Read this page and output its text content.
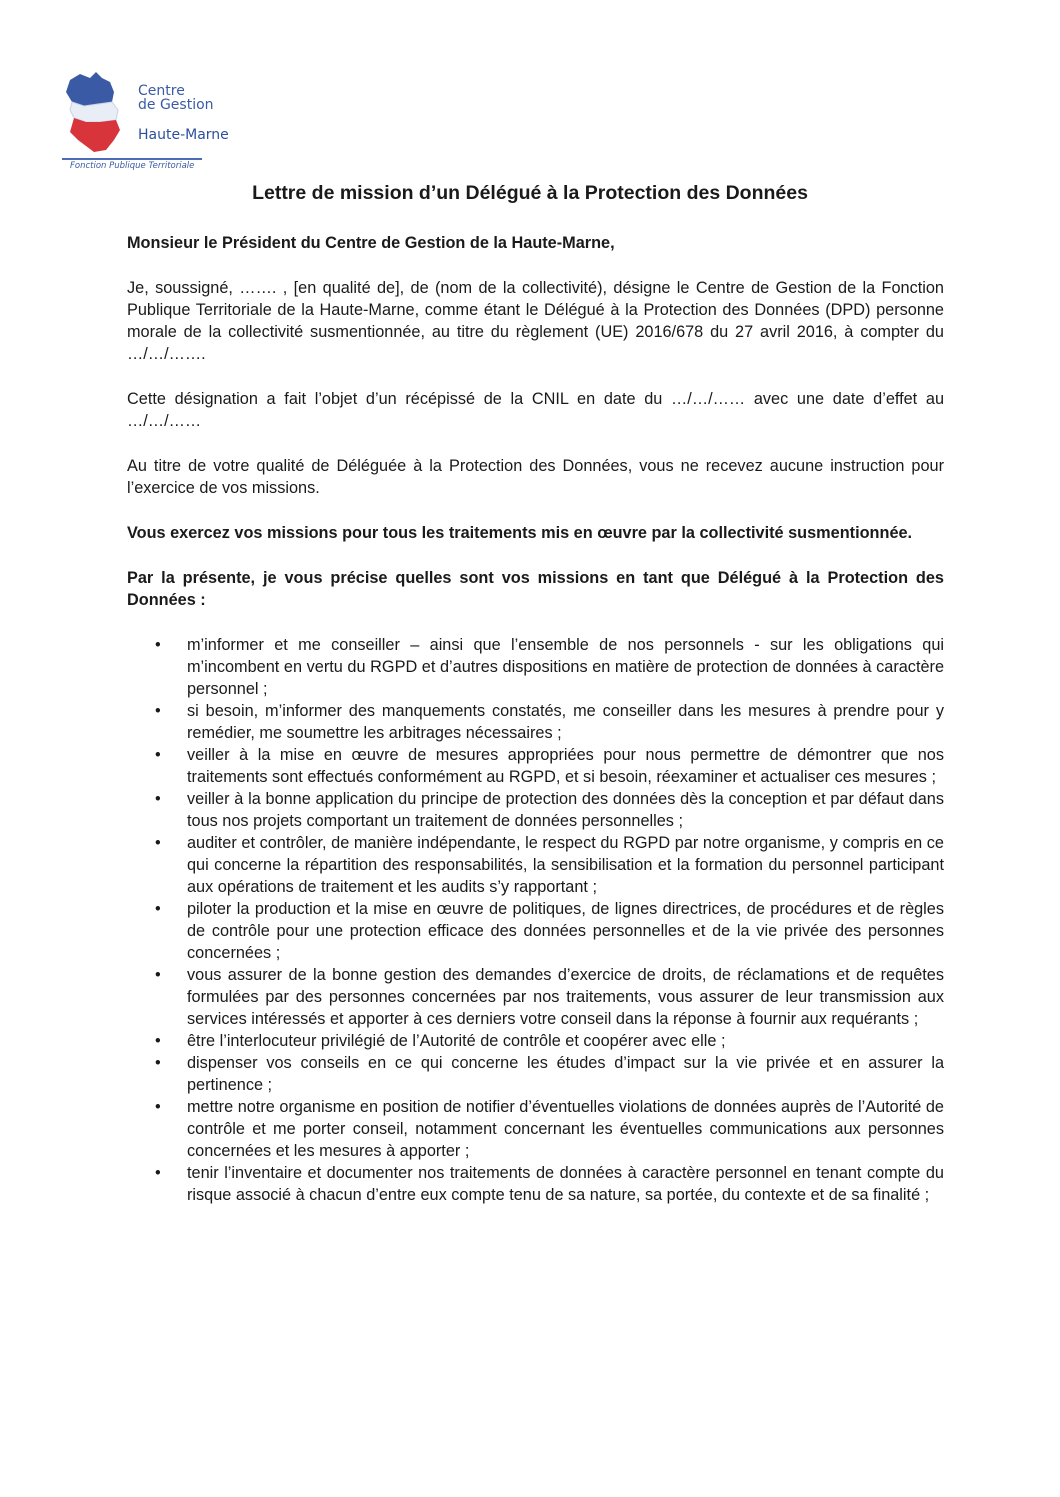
Centre
de Gestion
Haute-Marne
Fonction Publique Territoriale
Lettre de mission d’un Délégué à la Protection des Données

Monsieur le Président du Centre de Gestion de la Haute-Marne,

Je, soussigné, ……. , [en qualité de], de (nom de la collectivité), désigne le Centre de Gestion de la Fonction Publique Territoriale de la Haute-Marne, comme étant le Délégué à la Protection des Données (DPD) personne morale de la collectivité susmentionnée, au titre du règlement (UE) 2016/678 du 27 avril 2016, à compter du …/…/…….

Cette désignation a fait l’objet d’un récépissé de la CNIL en date du …/…/…… avec une date d’effet au …/…/……

Au titre de votre qualité de Déléguée à la Protection des Données, vous ne recevez aucune instruction pour l’exercice de vos missions.

Vous exercez vos missions pour tous les traitements mis en œuvre par la collectivité susmentionnée.

Par la présente, je vous précise quelles sont vos missions en tant que Délégué à la Protection des Données :

• m’informer et me conseiller – ainsi que l’ensemble de nos personnels - sur les obligations qui m’incombent en vertu du RGPD et d’autres dispositions en matière de protection de données à caractère personnel ;
• si besoin, m’informer des manquements constatés, me conseiller dans les mesures à prendre pour y remédier, me soumettre les arbitrages nécessaires ;
• veiller à la mise en œuvre de mesures appropriées pour nous permettre de démontrer que nos traitements sont effectués conformément au RGPD, et si besoin, réexaminer et actualiser ces mesures ;
• veiller à la bonne application du principe de protection des données dès la conception et par défaut dans tous nos projets comportant un traitement de données personnelles ;
• auditer et contrôler, de manière indépendante, le respect du RGPD par notre organisme, y compris en ce qui concerne la répartition des responsabilités, la sensibilisation et la formation du personnel participant aux opérations de traitement et les audits s’y rapportant ;
• piloter la production et la mise en œuvre de politiques, de lignes directrices, de procédures et de règles de contrôle pour une protection efficace des données personnelles et de la vie privée des personnes concernées ;
• vous assurer de la bonne gestion des demandes d’exercice de droits, de réclamations et de requêtes formulées par des personnes concernées par nos traitements, vous assurer de leur transmission aux services intéressés et apporter à ces derniers votre conseil dans la réponse à fournir aux requérants ;
• être l’interlocuteur privilégié de l’Autorité de contrôle et coopérer avec elle ;
• dispenser vos conseils en ce qui concerne les études d’impact sur la vie privée et en assurer la pertinence ;
• mettre notre organisme en position de notifier d’éventuelles violations de données auprès de l’Autorité de contrôle et me porter conseil, notamment concernant les éventuelles communications aux personnes concernées et les mesures à apporter ;
• tenir l’inventaire et documenter nos traitements de données à caractère personnel en tenant compte du risque associé à chacun d’entre eux compte tenu de sa nature, sa portée, du contexte et de sa finalité ;
